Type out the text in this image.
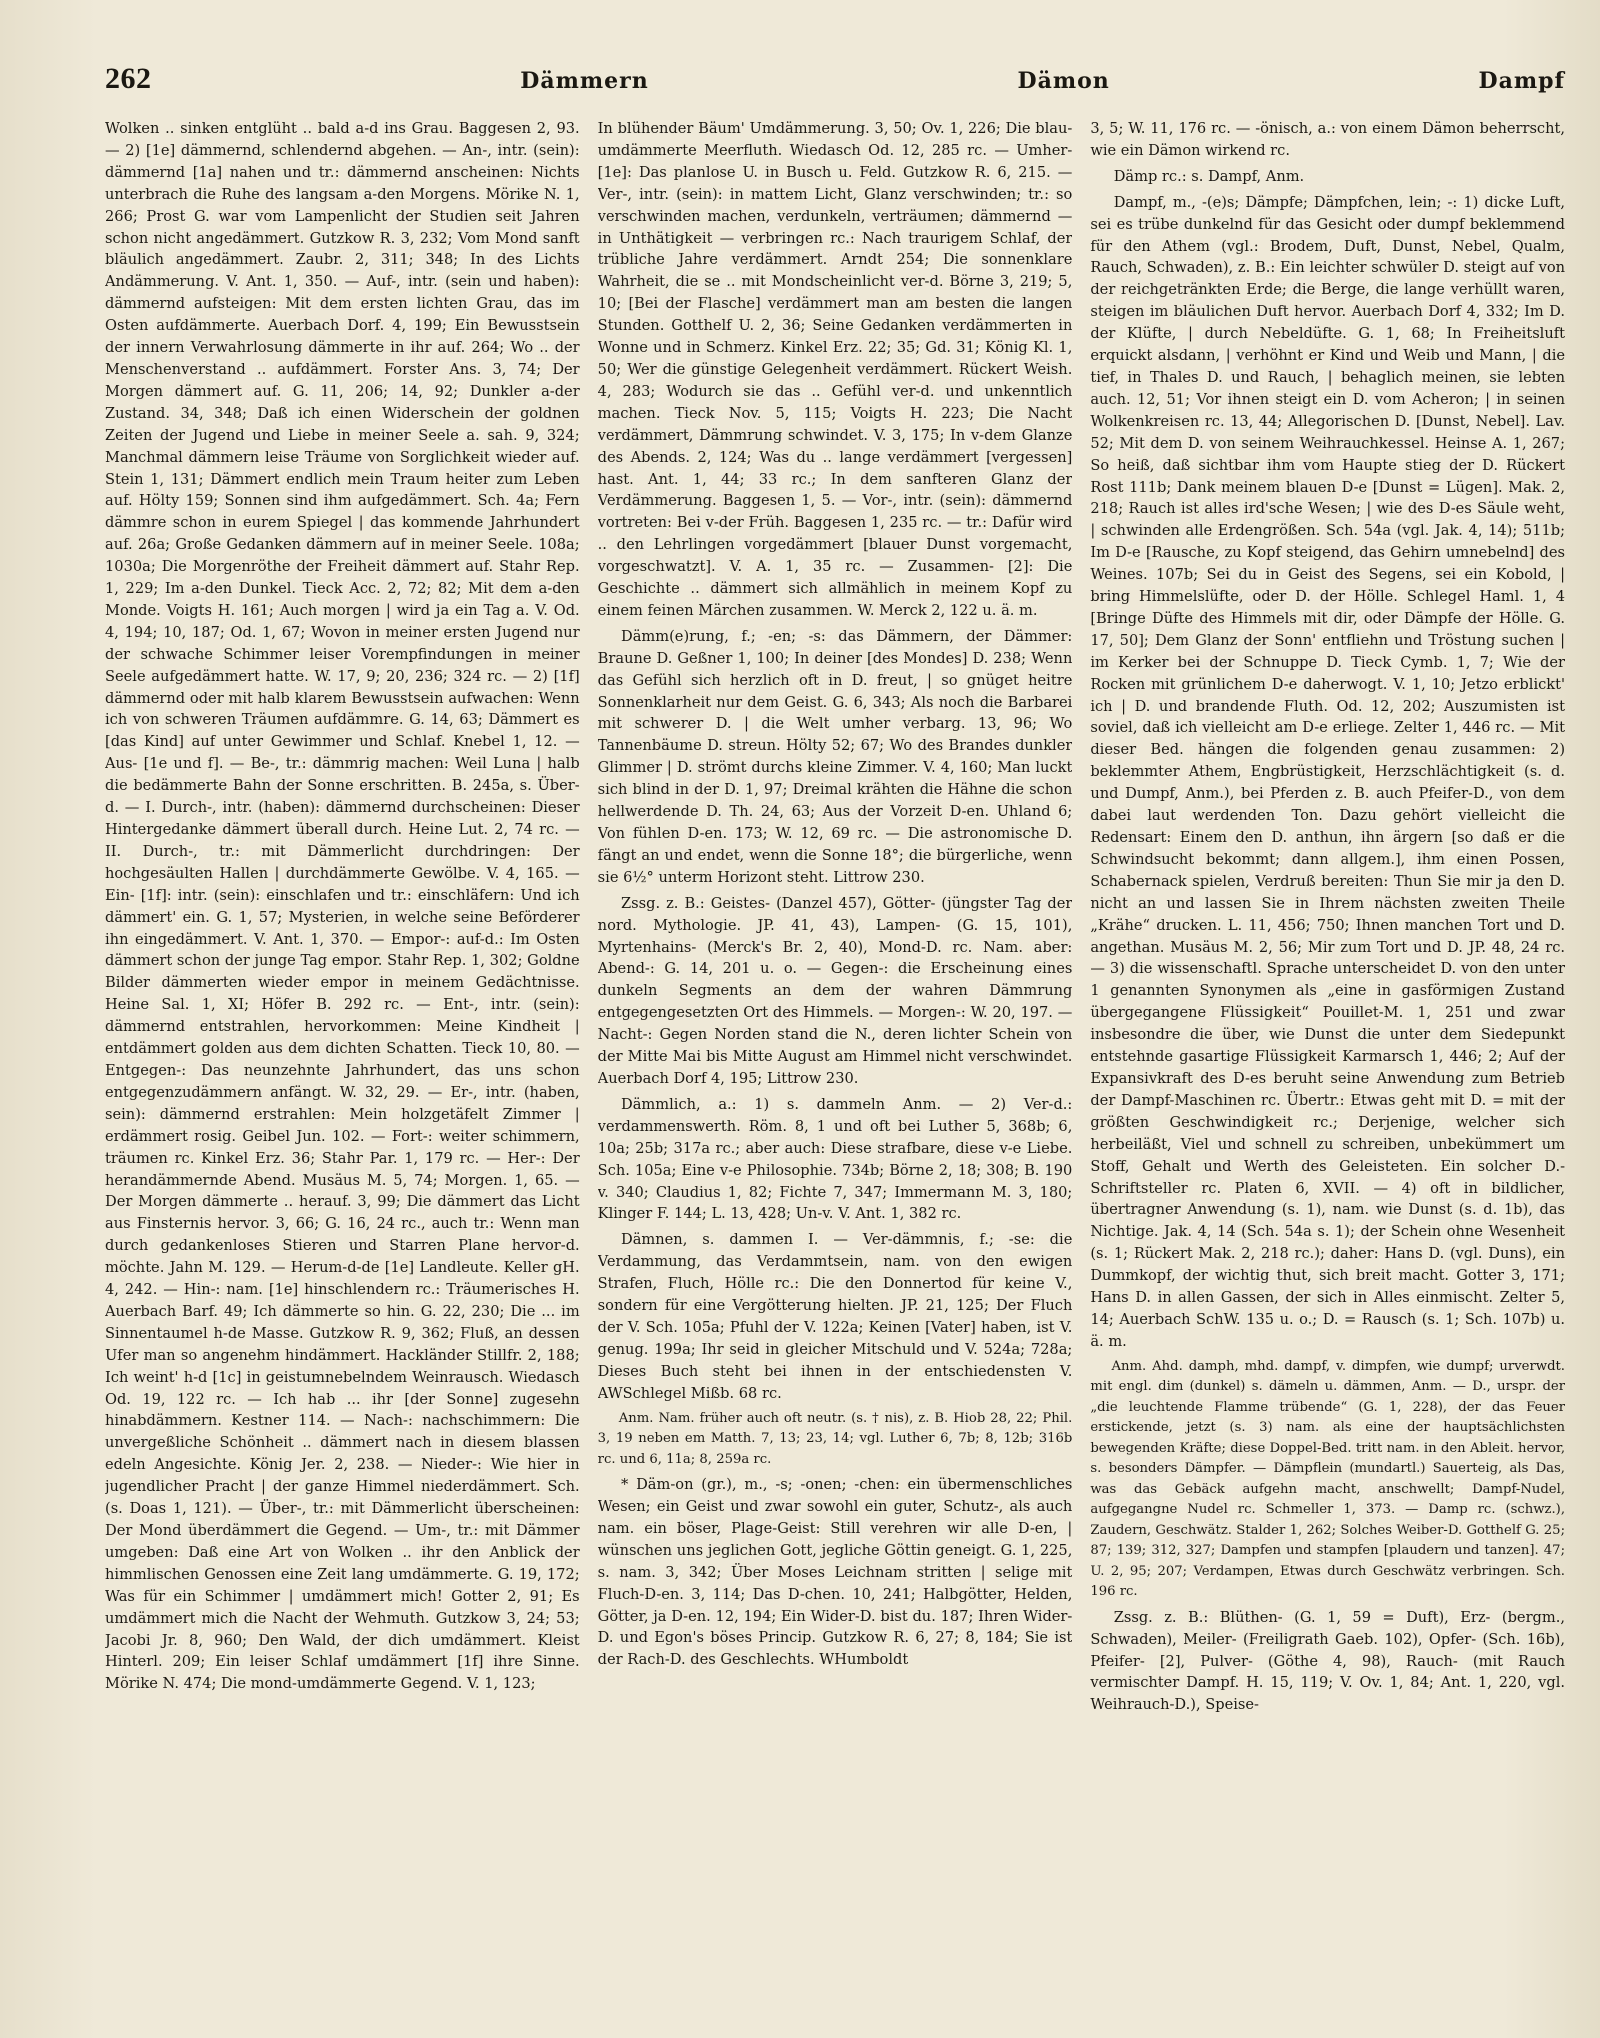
262	Dämmern	Dämon	Dampf

Wolken .. sinken entglüht .. bald a-d ins Grau. Baggesen 2, 93. — 2) [1e] dämmernd, schlendernd abgehen. — An-, intr. (sein): dämmernd [1a] nahen und tr.: dämmernd anscheinen: Nichts unterbrach die Ruhe des langsam a-den Morgens. Mörike N. 1, 266; Prost G. war vom Lampenlicht der Studien seit Jahren schon nicht angedämmert. Gutzkow R. 3, 232; Vom Mond sanft bläulich angedämmert. Zaubr. 2, 311; 348; In des Lichts Andämmerung. V. Ant. 1, 350. — Auf-, intr. (sein und haben): dämmernd aufsteigen: Mit dem ersten lichten Grau, das im Osten aufdämmerte. Auerbach Dorf. 4, 199; Ein Bewusstsein der innern Verwahrlosung dämmerte in ihr auf. 264; Wo .. der Menschenverstand .. aufdämmert. Forster Ans. 3, 74; Der Morgen dämmert auf. G. 11, 206; 14, 92; Dunkler a-der Zustand. 34, 348; Daß ich einen Widerschein der goldnen Zeiten der Jugend und Liebe in meiner Seele a. sah. 9, 324; Manchmal dämmern leise Träume von Sorglichkeit wieder auf. Stein 1, 131; Dämmert endlich mein Traum heiter zum Leben auf. Hölty 159; Sonnen sind ihm aufgedämmert. Sch. 4a; Fern dämmre schon in eurem Spiegel | das kommende Jahrhundert auf. 26a; Große Gedanken dämmern auf in meiner Seele. 108a; 1030a; Die Morgenröthe der Freiheit dämmert auf. Stahr Rep. 1, 229; Im a-den Dunkel. Tieck Acc. 2, 72; 82; Mit dem a-den Monde. Voigts H. 161; Auch morgen | wird ja ein Tag a. V. Od. 4, 194; 10, 187; Od. 1, 67; Wovon in meiner ersten Jugend nur der schwache Schimmer leiser Vorempfindungen in meiner Seele aufgedämmert hatte. W. 17, 9; 20, 236; 324 rc. — 2) [1f] dämmernd oder mit halb klarem Bewusstsein aufwachen: Wenn ich von schweren Träumen aufdämmre. G. 14, 63; Dämmert es [das Kind] auf unter Gewimmer und Schlaf. Knebel 1, 12. — Aus- [1e und f]. — Be-, tr.: dämmrig machen: Weil Luna | halb die bedämmerte Bahn der Sonne erschritten. B. 245a, s. Über-d. — I. Durch-, intr. (haben): dämmernd durchscheinen: Dieser Hintergedanke dämmert überall durch. Heine Lut. 2, 74 rc. — II. Durch-, tr.: mit Dämmerlicht durchdringen: Der hochgesäulten Hallen | durchdämmerte Gewölbe. V. 4, 165. — Ein- [1f]: intr. (sein): einschlafen und tr.: einschläfern: Und ich dämmert' ein. G. 1, 57; Mysterien, in welche seine Beförderer ihn eingedämmert. V. Ant. 1, 370. — Empor-: auf-d.: Im Osten dämmert schon der junge Tag empor. Stahr Rep. 1, 302; Goldne Bilder dämmerten wieder empor in meinem Gedächtnisse. Heine Sal. 1, XI; Höfer B. 292 rc. — Ent-, intr. (sein): dämmernd entstrahlen, hervorkommen: Meine Kindheit | entdämmert golden aus dem dichten Schatten. Tieck 10, 80. — Entgegen-: Das neunzehnte Jahrhundert, das uns schon entgegenzudämmern anfängt. W. 32, 29. — Er-, intr. (haben, sein): dämmernd erstrahlen: Mein holzgetäfelt Zimmer | erdämmert rosig. Geibel Jun. 102. — Fort-: weiter schimmern, träumen rc. Kinkel Erz. 36; Stahr Par. 1, 179 rc. — Her-: Der herandämmernde Abend. Musäus M. 5, 74; Morgen. 1, 65. — Der Morgen dämmerte .. herauf. 3, 99; Die dämmert das Licht aus Finsternis hervor. 3, 66; G. 16, 24 rc., auch tr.: Wenn man durch gedankenloses Stieren und Starren Plane hervor-d. möchte. Jahn M. 129. — Herum-d-de [1e] Landleute. Keller gH. 4, 242. — Hin-: nam. [1e] hinschlendern rc.: Träumerisches H. Auerbach Barf. 49; Ich dämmerte so hin. G. 22, 230; Die ... im Sinnentaumel h-de Masse. Gutzkow R. 9, 362; Fluß, an dessen Ufer man so angenehm hindämmert. Hackländer Stillfr. 2, 188; Ich weint' h-d [1c] in geistumnebelndem Weinrausch. Wiedasch Od. 19, 122 rc. — Ich hab ... ihr [der Sonne] zugesehn hinabdämmern. Kestner 114. — Nach-: nachschimmern: Die unvergeßliche Schönheit .. dämmert nach in diesem blassen edeln Angesichte. König Jer. 2, 238. — Nieder-: Wie hier in jugendlicher Pracht | der ganze Himmel niederdämmert. Sch. (s. Doas 1, 121). — Über-, tr.: mit Dämmerlicht überscheinen: Der Mond überdämmert die Gegend. — Um-, tr.: mit Dämmer umgeben: Daß eine Art von Wolken .. ihr den Anblick der himmlischen Genossen eine Zeit lang umdämmerte. G. 19, 172; Was für ein Schimmer | umdämmert mich! Gotter 2, 91; Es umdämmert mich die Nacht der Wehmuth. Gutzkow 3, 24; 53; Jacobi Jr. 8, 960; Den Wald, der dich umdämmert. Kleist Hinterl. 209; Ein leiser Schlaf umdämmert [1f] ihre Sinne. Mörike N. 474; Die mond-umdämmerte Gegend. V. 1, 123;

In blühender Bäum' Umdämmerung. 3, 50; Ov. 1, 226; Die blau-umdämmerte Meerfluth. Wiedasch Od. 12, 285 rc. — Umher- [1e]: Das planlose U. in Busch u. Feld. Gutzkow R. 6, 215. — Ver-, intr. (sein): in mattem Licht, Glanz verschwinden; tr.: so verschwinden machen, verdunkeln, verträumen; dämmernd — in Unthätigkeit — verbringen rc.: Nach traurigem Schlaf, der trübliche Jahre verdämmert. Arndt 254; Die sonnenklare Wahrheit, die se .. mit Mondscheinlicht ver-d. Börne 3, 219; 5, 10; [Bei der Flasche] verdämmert man am besten die langen Stunden. Gotthelf U. 2, 36; Seine Gedanken verdämmerten in Wonne und in Schmerz. Kinkel Erz. 22; 35; Gd. 31; König Kl. 1, 50; Wer die günstige Gelegenheit verdämmert. Rückert Weish. 4, 283; Wodurch sie das .. Gefühl ver-d. und unkenntlich machen. Tieck Nov. 5, 115; Voigts H. 223; Die Nacht verdämmert, Dämmrung schwindet. V. 3, 175; In v-dem Glanze des Abends. 2, 124; Was du .. lange verdämmert [vergessen] hast. Ant. 1, 44; 33 rc.; In dem sanfteren Glanz der Verdämmerung. Baggesen 1, 5. — Vor-, intr. (sein): dämmernd vortreten: Bei v-der Früh. Baggesen 1, 235 rc. — tr.: Dafür wird .. den Lehrlingen vorgedämmert [blauer Dunst vorgemacht, vorgeschwatzt]. V. A. 1, 35 rc. — Zusammen- [2]: Die Geschichte .. dämmert sich allmählich in meinem Kopf zu einem feinen Märchen zusammen. W. Merck 2, 122 u. ä. m.

Dämm(e)rung, f.; -en; -s: das Dämmern, der Dämmer: Braune D. Geßner 1, 100; In deiner [des Mondes] D. 238; Wenn das Gefühl sich herzlich oft in D. freut, | so gnüget heitre Sonnenklarheit nur dem Geist. G. 6, 343; Als noch die Barbarei mit schwerer D. | die Welt umher verbarg. 13, 96; Wo Tannenbäume D. streun. Hölty 52; 67; Wo des Brandes dunkler Glimmer | D. strömt durchs kleine Zimmer. V. 4, 160; Man luckt sich blind in der D. 1, 97; Dreimal krähten die Hähne die schon hellwerdende D. Th. 24, 63; Aus der Vorzeit D-en. Uhland 6; Von fühlen D-en. 173; W. 12, 69 rc. — Die astronomische D. fängt an und endet, wenn die Sonne 18°; die bürgerliche, wenn sie 6½° unterm Horizont steht. Littrow 230.

Zssg. z. B.: Geistes- (Danzel 457), Götter- (jüngster Tag der nord. Mythologie. JP. 41, 43), Lampen- (G. 15, 101), Myrtenhains- (Merck's Br. 2, 40), Mond-D. rc. Nam. aber: Abend-: G. 14, 201 u. o. — Gegen-: die Erscheinung eines dunkeln Segments an dem der wahren Dämmrung entgegengesetzten Ort des Himmels. — Morgen-: W. 20, 197. — Nacht-: Gegen Norden stand die N., deren lichter Schein von der Mitte Mai bis Mitte August am Himmel nicht verschwindet. Auerbach Dorf 4, 195; Littrow 230.

Dämmlich, a.: 1) s. dammeln Anm. — 2) Ver-d.: verdammenswerth. Röm. 8, 1 und oft bei Luther 5, 368b; 6, 10a; 25b; 317a rc.; aber auch: Diese strafbare, diese v-e Liebe. Sch. 105a; Eine v-e Philosophie. 734b; Börne 2, 18; 308; B. 190 v. 340; Claudius 1, 82; Fichte 7, 347; Immermann M. 3, 180; Klinger F. 144; L. 13, 428; Un-v. V. Ant. 1, 382 rc.

Dämnen, s. dammen I. — Ver-dämmnis, f.; -se: die Verdammung, das Verdammtsein, nam. von den ewigen Strafen, Fluch, Hölle rc.: Die den Donnertod für keine V., sondern für eine Vergötterung hielten. JP. 21, 125; Der Fluch der V. Sch. 105a; Pfuhl der V. 122a; Keinen [Vater] haben, ist V. genug. 199a; Ihr seid in gleicher Mitschuld und V. 524a; 728a; Dieses Buch steht bei ihnen in der entschiedensten V. AWSchlegel Mißb. 68 rc.

Anm. Nam. früher auch oft neutr. (s. † nis), z. B. Hiob 28, 22; Phil. 3, 19 neben em Matth. 7, 13; 23, 14; vgl. Luther 6, 7b; 8, 12b; 316b rc. und 6, 11a; 8, 259a rc.

* Däm-on (gr.), m., -s; -onen; -chen: ein übermenschliches Wesen; ein Geist und zwar sowohl ein guter, Schutz-, als auch nam. ein böser, Plage-Geist: Still verehren wir alle D-en, | wünschen uns jeglichen Gott, jegliche Göttin geneigt. G. 1, 225, s. nam. 3, 342; Über Moses Leichnam stritten | selige mit Fluch-D-en. 3, 114; Das D-chen. 10, 241; Halbgötter, Helden, Götter, ja D-en. 12, 194; Ein Wider-D. bist du. 187; Ihren Wider-D. und Egon's böses Princip. Gutzkow R. 6, 27; 8, 184; Sie ist der Rach-D. des Geschlechts. WHumboldt

3, 5; W. 11, 176 rc. — -önisch, a.: von einem Dämon beherrscht, wie ein Dämon wirkend rc.

Dämp rc.: s. Dampf, Anm.

Dampf, m., -(e)s; Dämpfe; Dämpfchen, lein; -: 1) dicke Luft, sei es trübe dunkelnd für das Gesicht oder dumpf beklemmend für den Athem (vgl.: Brodem, Duft, Dunst, Nebel, Qualm, Rauch, Schwaden), z. B.: Ein leichter schwüler D. steigt auf von der reichgetränkten Erde; die Berge, die lange verhüllt waren, steigen im bläulichen Duft hervor. Auerbach Dorf 4, 332; Im D. der Klüfte, | durch Nebeldüfte. G. 1, 68; In Freiheitsluft erquickt alsdann, | verhöhnt er Kind und Weib und Mann, | die tief, in Thales D. und Rauch, | behaglich meinen, sie lebten auch. 12, 51; Vor ihnen steigt ein D. vom Acheron; | in seinen Wolkenkreisen rc. 13, 44; Allegorischen D. [Dunst, Nebel]. Lav. 52; Mit dem D. von seinem Weihrauchkessel. Heinse A. 1, 267; So heiß, daß sichtbar ihm vom Haupte stieg der D. Rückert Rost 111b; Dank meinem blauen D-e [Dunst = Lügen]. Mak. 2, 218; Rauch ist alles ird'sche Wesen; | wie des D-es Säule weht, | schwinden alle Erdengrößen. Sch. 54a (vgl. Jak. 4, 14); 511b; Im D-e [Rausche, zu Kopf steigend, das Gehirn umnebelnd] des Weines. 107b; Sei du in Geist des Segens, sei ein Kobold, | bring Himmelslüfte, oder D. der Hölle. Schlegel Haml. 1, 4 [Bringe Düfte des Himmels mit dir, oder Dämpfe der Hölle. G. 17, 50]; Dem Glanz der Sonn' entfliehn und Tröstung suchen | im Kerker bei der Schnuppe D. Tieck Cymb. 1, 7; Wie der Rocken mit grünlichem D-e daherwogt. V. 1, 10; Jetzo erblickt' ich | D. und brandende Fluth. Od. 12, 202; Auszumisten ist soviel, daß ich vielleicht am D-e erliege. Zelter 1, 446 rc. — Mit dieser Bed. hängen die folgenden genau zusammen: 2) beklemmter Athem, Engbrüstigkeit, Herzschlächtigkeit (s. d. und Dumpf, Anm.), bei Pferden z. B. auch Pfeifer-D., von dem dabei laut werdenden Ton. Dazu gehört vielleicht die Redensart: Einem den D. anthun, ihn ärgern [so daß er die Schwindsucht bekommt; dann allgem.], ihm einen Possen, Schabernack spielen, Verdruß bereiten: Thun Sie mir ja den D. nicht an und lassen Sie in Ihrem nächsten zweiten Theile „Krähe“ drucken. L. 11, 456; 750; Ihnen manchen Tort und D. angethan. Musäus M. 2, 56; Mir zum Tort und D. JP. 48, 24 rc. — 3) die wissenschaftl. Sprache unterscheidet D. von den unter 1 genannten Synonymen als „eine in gasförmigen Zustand übergegangene Flüssigkeit“ Pouillet-M. 1, 251 und zwar insbesondre die über, wie Dunst die unter dem Siedepunkt entstehnde gasartige Flüssigkeit Karmarsch 1, 446; 2; Auf der Expansivkraft des D-es beruht seine Anwendung zum Betrieb der Dampf-Maschinen rc. Übertr.: Etwas geht mit D. = mit der größten Geschwindigkeit rc.; Derjenige, welcher sich herbeiläßt, Viel und schnell zu schreiben, unbekümmert um Stoff, Gehalt und Werth des Geleisteten. Ein solcher D.-Schriftsteller rc. Platen 6, XVII. — 4) oft in bildlicher, übertragner Anwendung (s. 1), nam. wie Dunst (s. d. 1b), das Nichtige. Jak. 4, 14 (Sch. 54a s. 1); der Schein ohne Wesenheit (s. 1; Rückert Mak. 2, 218 rc.); daher: Hans D. (vgl. Duns), ein Dummkopf, der wichtig thut, sich breit macht. Gotter 3, 171; Hans D. in allen Gassen, der sich in Alles einmischt. Zelter 5, 14; Auerbach SchW. 135 u. o.; D. = Rausch (s. 1; Sch. 107b) u. ä. m.

Anm. Ahd. damph, mhd. dampf, v. dimpfen, wie dumpf; urverwdt. mit engl. dim (dunkel) s. dämeln u. dämmen, Anm. — D., urspr. der „die leuchtende Flamme trübende“ (G. 1, 228), der das Feuer erstickende, jetzt (s. 3) nam. als eine der hauptsächlichsten bewegenden Kräfte; diese Doppel-Bed. tritt nam. in den Ableit. hervor, s. besonders Dämpfer. — Dämpflein (mundartl.) Sauerteig, als Das, was das Gebäck aufgehn macht, anschwellt; Dampf-Nudel, aufgegangne Nudel rc. Schmeller 1, 373. — Damp rc. (schwz.), Zaudern, Geschwätz. Stalder 1, 262; Solches Weiber-D. Gotthelf G. 25; 87; 139; 312, 327; Dampfen und stampfen [plaudern und tanzen]. 47; U. 2, 95; 207; Verdampen, Etwas durch Geschwätz verbringen. Sch. 196 rc.

Zssg. z. B.: Blüthen- (G. 1, 59 = Duft), Erz- (bergm., Schwaden), Meiler- (Freiligrath Gaeb. 102), Opfer- (Sch. 16b), Pfeifer- [2], Pulver- (Göthe 4, 98), Rauch- (mit Rauch vermischter Dampf. H. 15, 119; V. Ov. 1, 84; Ant. 1, 220, vgl. Weihrauch-D.), Speise-
